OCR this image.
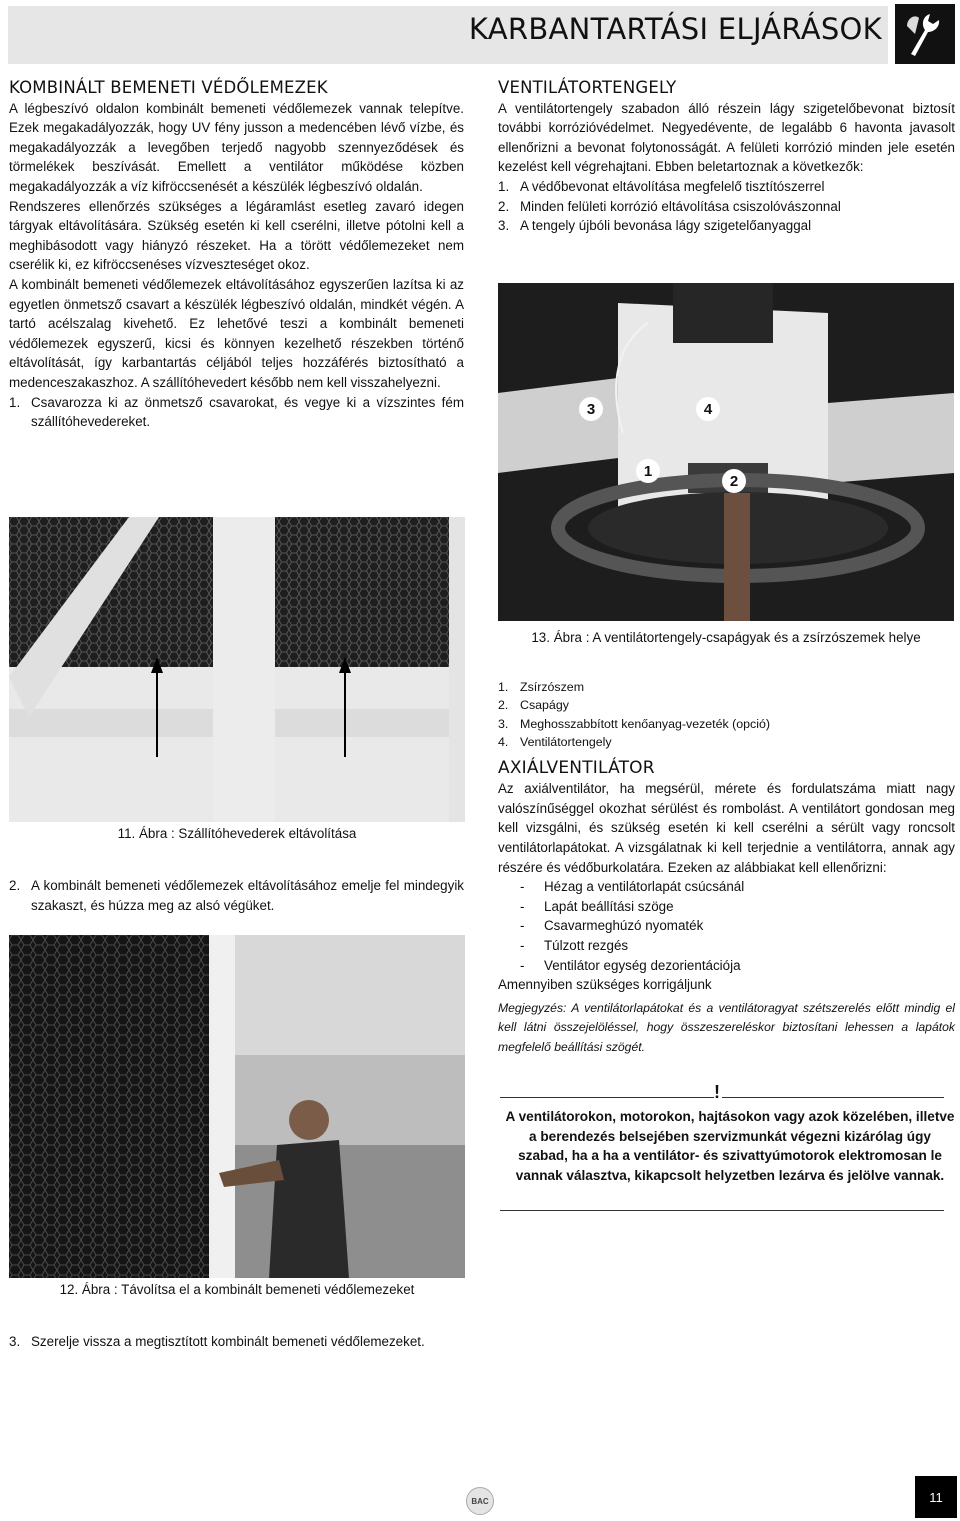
KARBANTARTÁSI ELJÁRÁSOK
KOMBINÁLT BEMENETI VÉDŐLEMEZEK

A légbeszívó oldalon kombinált bemeneti védőlemezek vannak telepítve. Ezek megakadályozzák, hogy UV fény jusson a medencében lévő vízbe, és megakadályozzák a levegőben terjedő nagyobb szennyeződések és törmelékek beszívását. Emellett a ventilátor működése közben megakadályozzák a víz kifröccsenését a készülék légbeszívó oldalán.

Rendszeres ellenőrzés szükséges a légáramlást esetleg zavaró idegen tárgyak eltávolítására. Szükség esetén ki kell cserélni, illetve pótolni kell a meghibásodott vagy hiányzó részeket. Ha a törött védőlemezeket nem cserélik ki, ez kifröccsenéses vízveszteséget okoz.

A kombinált bemeneti védőlemezek eltávolításához egyszerűen lazítsa ki az egyetlen önmetsző csavart a készülék légbeszívó oldalán, mindkét végén. A tartó acélszalag kivehető. Ez lehetővé teszi a kombinált bemeneti védőlemezek egyszerű, kicsi és könnyen kezelhető részekben történő eltávolítását, így karbantartás céljából teljes hozzáférés biztosítható a medenceszakaszhoz. A szállítóhevedert később nem kell visszahelyezni.

1. Csavarozza ki az önmetsző csavarokat, és vegye ki a vízszintes fém szállítóhevedereket.
11. Ábra : Szállítóhevederek eltávolítása
2. A kombinált bemeneti védőlemezek eltávolításához emelje fel mindegyik szakaszt, és húzza meg az alsó végüket.
12. Ábra : Távolítsa el a kombinált bemeneti védőlemezeket
3. Szerelje vissza a megtisztított kombinált bemeneti védőlemezeket.
VENTILÁTORTENGELY

A ventilátortengely szabadon álló részein lágy szigetelőbevonat biztosít további korrózióvédelmet. Negyedévente, de legalább 6 havonta javasolt ellenőrizni a bevonat folytonosságát. A felületi korrózió minden jele esetén kezelést kell végrehajtani. Ebben beletartoznak a következők:

1. A védőbevonat eltávolítása megfelelő tisztítószerrel
2. Minden felületi korrózió eltávolítása csiszolóvászonnal
3. A tengely újbóli bevonása lágy szigetelőanyaggal
3	4
1
2
13. Ábra : A ventilátortengely-csapágyak és a zsírzószemek helye
1. Zsírzószem
2. Csapágy
3. Meghosszabbított kenőanyag-vezeték (opció)
4. Ventilátortengely
AXIÁLVENTILÁTOR

Az axiálventilátor, ha megsérül, mérete és fordulatszáma miatt nagy valószínűséggel okozhat sérülést és rombolást. A ventilátort gondosan meg kell vizsgálni, és szükség esetén ki kell cserélni a sérült vagy roncsolt ventilátorlapátokat. A vizsgálatnak ki kell terjednie a ventilátorra, annak agy részére és védőburkolatára. Ezeken az alábbiakat kell ellenőrizni:

-	Hézag a ventilátorlapát csúcsánál
-	Lapát beállítási szöge
-	Csavarmeghúzó nyomaték
-	Túlzott rezgés
-	Ventilátor egység dezorientációja

Amennyiben szükséges korrigáljunk

Megjegyzés: A ventilátorlapátokat és a ventilátoragyat szétszerelés előtt mindig el kell látni összejelöléssel, hogy összeszereléskor biztosítani lehessen a lapátok megfelelő beállítási szögét.

!
A ventilátorokon, motorokon, hajtásokon vagy azok közelében, illetve a berendezés belsejében szervizmunkát végezni kizárólag úgy szabad, ha a ha a ventilátor- és szivattyúmotorok elektromosan le vannak választva, kikapcsolt helyzetben lezárva és jelölve vannak.
BAC	11
